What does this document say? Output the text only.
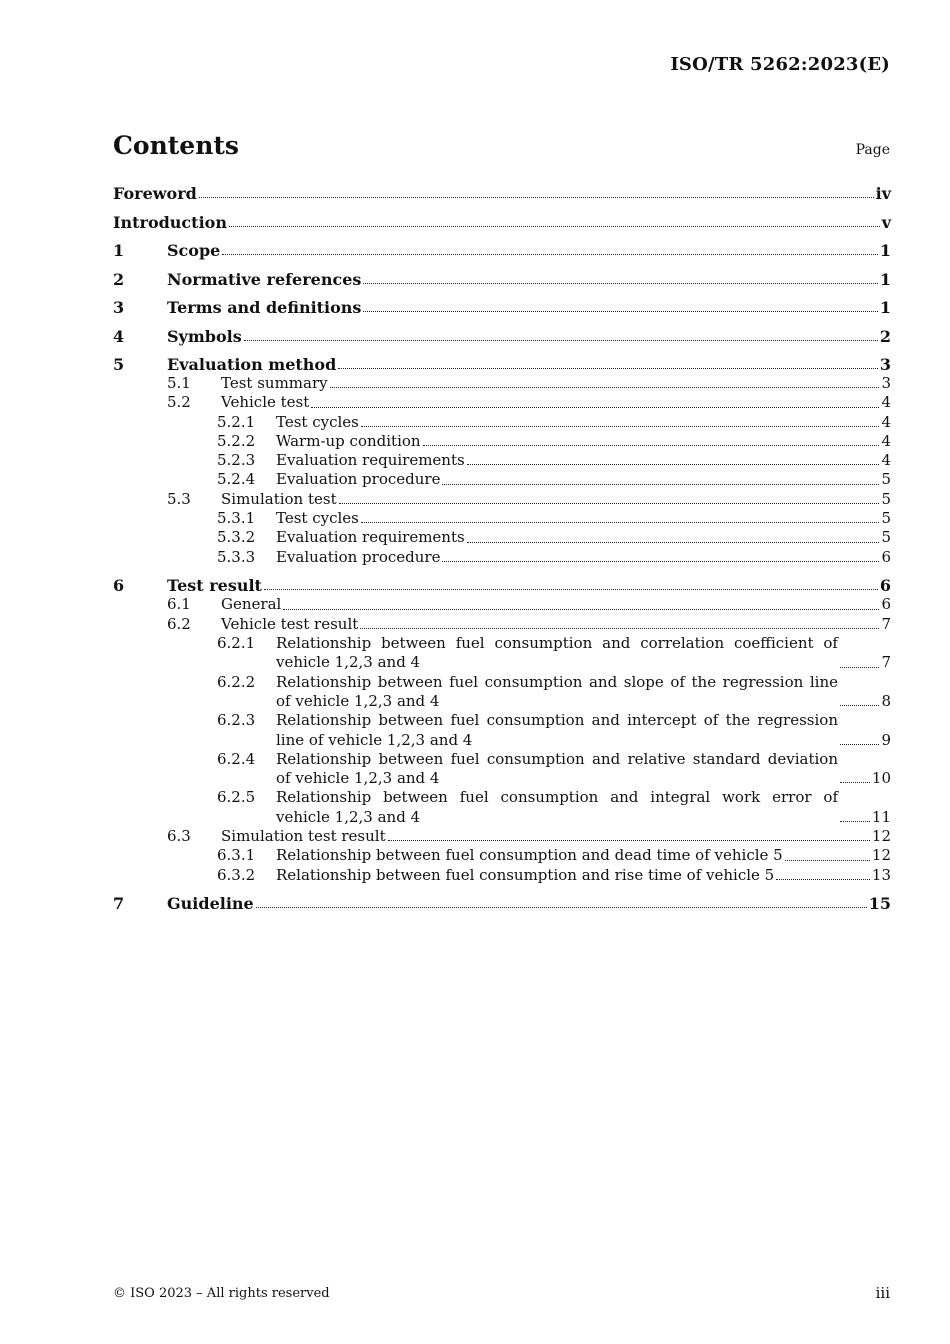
ISO/TR 5262:2023(E)
Contents	Page
Foreword	iv
Introduction	v
1	Scope	1
2	Normative references	1
3	Terms and definitions	1
4	Symbols	2
5	Evaluation method	3
5.1 Test summary	3
5.2 Vehicle test	4
5.2.1 Test cycles	4
5.2.2 Warm-up condition	4
5.2.3 Evaluation requirements	4
5.2.4 Evaluation procedure	5
5.3 Simulation test	5
5.3.1 Test cycles	5
5.3.2 Evaluation requirements	5
5.3.3 Evaluation procedure	6
6	Test result	6
6.1 General	6
6.2 Vehicle test result	7
6.2.1 Relationship between fuel consumption and correlation coefficient of vehicle 1,2,3 and 4	7
6.2.2 Relationship between fuel consumption and slope of the regression line of vehicle 1,2,3 and 4	8
6.2.3 Relationship between fuel consumption and intercept of the regression line of vehicle 1,2,3 and 4	9
6.2.4 Relationship between fuel consumption and relative standard deviation of vehicle 1,2,3 and 4	10
6.2.5 Relationship between fuel consumption and integral work error of vehicle 1,2,3 and 4	11
6.3 Simulation test result	12
6.3.1 Relationship between fuel consumption and dead time of vehicle 5	12
6.3.2 Relationship between fuel consumption and rise time of vehicle 5	13
7	Guideline	15
© ISO 2023 – All rights reserved	iii
